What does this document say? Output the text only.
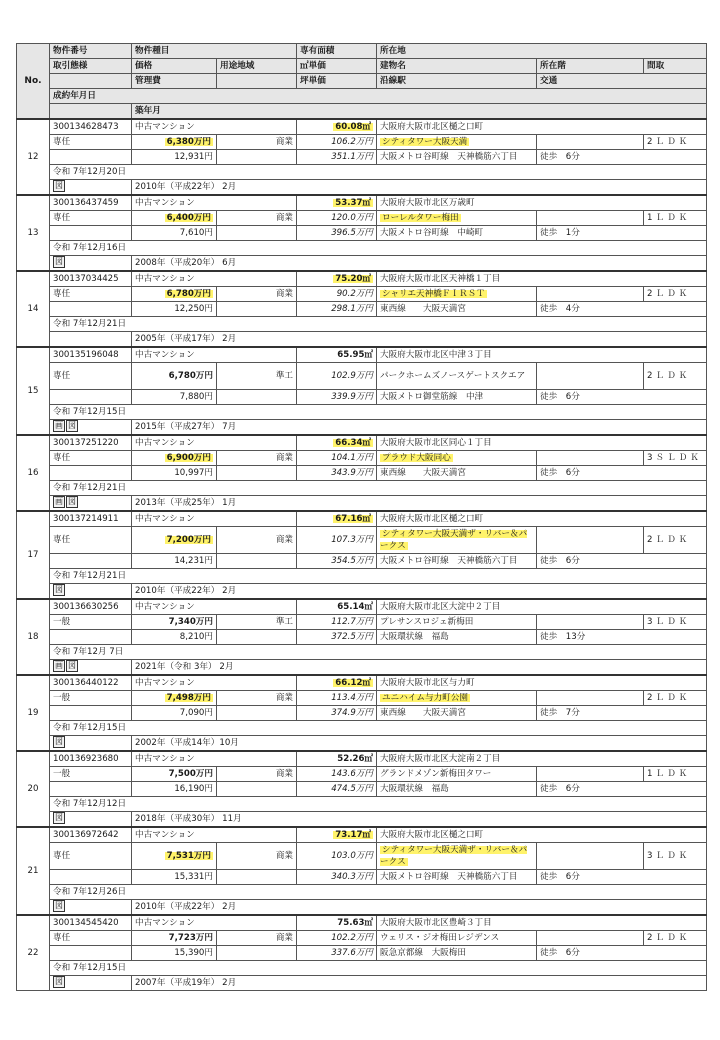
No.	物件番号	物件種目		専有面積	所在地		
	取引態様	価格	用途地域	㎡単価	建物名	所在階	間取
		管理費		坪単価	沿線駅	交通	
	成約年月日						
		築年月					
12	300134628473	中古マンション		60.08㎡	大阪府大阪市北区樋之口町		
	専任	6,380万円	商業	106.2万円	シティタワー大阪天満		2ＬＤＫ
		12,931円		351.1万円	大阪メトロ谷町線　天神橋筋六丁目	徒歩　6分	
	令和 7年12月20日						
	図	2010年（平成22年） 2月					
13	300136437459	中古マンション		53.37㎡	大阪府大阪市北区万歳町		
	専任	6,400万円	商業	120.0万円	ローレルタワー梅田		1ＬＤＫ
		7,610円		396.5万円	大阪メトロ谷町線　中崎町	徒歩　1分	
	令和 7年12月16日						
	図	2008年（平成20年） 6月					
14	300137034425	中古マンション		75.20㎡	大阪府大阪市北区天神橋１丁目		
	専任	6,780万円	商業	90.2万円	シャリエ天神橋ＦＩＲＳＴ		2ＬＤＫ
		12,250円		298.1万円	東西線　　大阪天満宮	徒歩　4分	
	令和 7年12月21日						
		2005年（平成17年） 2月					
15	300135196048	中古マンション		65.95㎡	大阪府大阪市北区中津３丁目		
	専任	6,780万円	準工	102.9万円	パークホームズノースゲートスクエア		2ＬＤＫ
		7,880円		339.9万円	大阪メトロ御堂筋線　中津	徒歩　6分	
	令和 7年12月15日						
	画 図	2015年（平成27年） 7月					
16	300137251220	中古マンション		66.34㎡	大阪府大阪市北区同心１丁目		
	専任	6,900万円	商業	104.1万円	プラウド大阪同心		3ＳＬＤＫ
		10,997円		343.9万円	東西線　　大阪天満宮	徒歩　6分	
	令和 7年12月21日						
	画 図	2013年（平成25年） 1月					
17	300137214911	中古マンション		67.16㎡	大阪府大阪市北区樋之口町		
	専任	7,200万円	商業	107.3万円	シティタワー大阪天満ザ・リバー＆パークス		2ＬＤＫ
		14,231円		354.5万円	大阪メトロ谷町線　天神橋筋六丁目	徒歩　6分	
	令和 7年12月21日						
	図	2010年（平成22年） 2月					
18	300136630256	中古マンション		65.14㎡	大阪府大阪市北区大淀中２丁目		
	一般	7,340万円	準工	112.7万円	プレサンスロジェ新梅田		3ＬＤＫ
		8,210円		372.5万円	大阪環状線　福島	徒歩　13分	
	令和 7年12月 7日						
	画 図	2021年（令和 3年） 2月					
19	300136440122	中古マンション		66.12㎡	大阪府大阪市北区与力町		
	一般	7,498万円	商業	113.4万円	ユニハイム与力町公園		2ＬＤＫ
		7,090円		374.9万円	東西線　　大阪天満宮	徒歩　7分	
	令和 7年12月15日						
	図	2002年（平成14年）10月					
20	100136923680	中古マンション		52.26㎡	大阪府大阪市北区大淀南２丁目		
	一般	7,500万円	商業	143.6万円	グランドメゾン新梅田タワー		1ＬＤＫ
		16,190円		474.5万円	大阪環状線　福島	徒歩　6分	
	令和 7年12月12日						
	図	2018年（平成30年） 11月					
21	300136972642	中古マンション		73.17㎡	大阪府大阪市北区樋之口町		
	専任	7,531万円	商業	103.0万円	シティタワー大阪天満ザ・リバー＆パークス		3ＬＤＫ
		15,331円		340.3万円	大阪メトロ谷町線　天神橋筋六丁目	徒歩　6分	
	令和 7年12月26日						
	図	2010年（平成22年） 2月					
22	300134545420	中古マンション		75.63㎡	大阪府大阪市北区豊崎３丁目		
	専任	7,723万円	商業	102.2万円	ウェリス・ジオ梅田レジデンス		2ＬＤＫ
		15,390円		337.6万円	阪急京都線　大阪梅田	徒歩　6分	
	令和 7年12月15日						
	図	2007年（平成19年） 2月					
